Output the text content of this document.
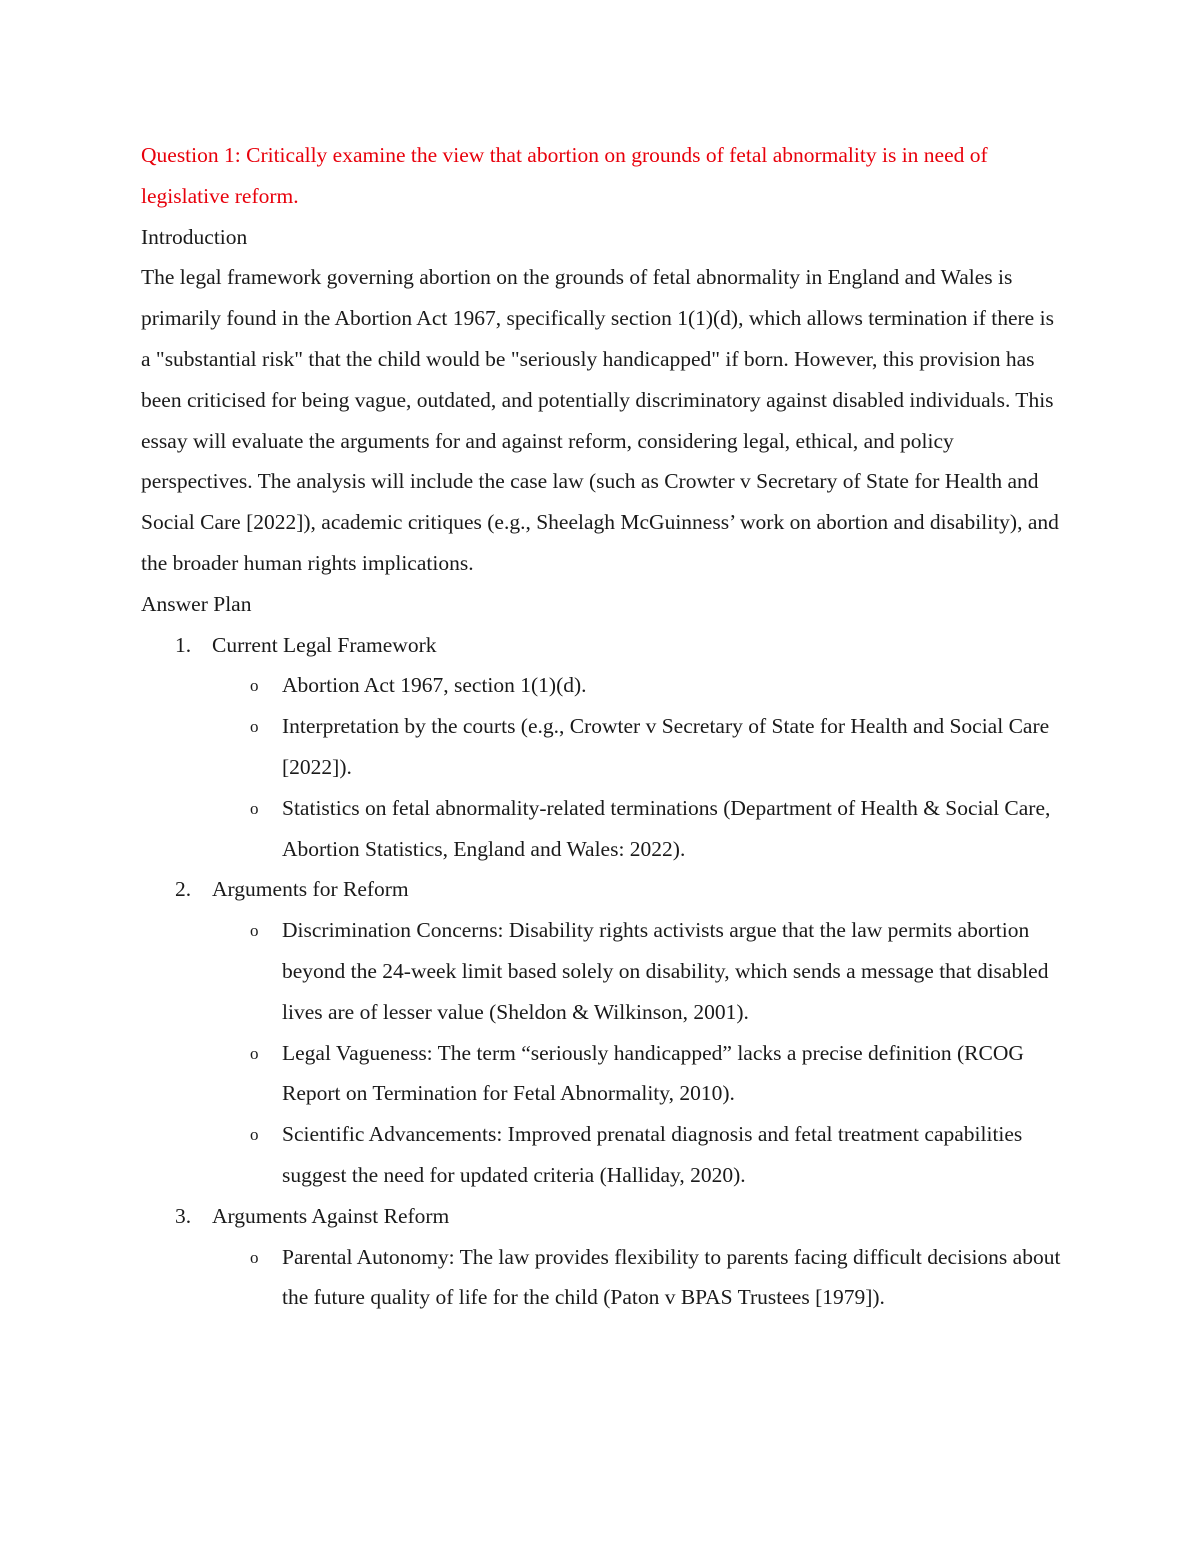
Question 1: Critically examine the view that abortion on grounds of fetal abnormality is in need of legislative reform.

Introduction

The legal framework governing abortion on the grounds of fetal abnormality in England and Wales is primarily found in the Abortion Act 1967, specifically section 1(1)(d), which allows termination if there is a "substantial risk" that the child would be "seriously handicapped" if born. However, this provision has been criticised for being vague, outdated, and potentially discriminatory against disabled individuals. This essay will evaluate the arguments for and against reform, considering legal, ethical, and policy perspectives. The analysis will include the case law (such as Crowter v Secretary of State for Health and Social Care [2022]), academic critiques (e.g., Sheelagh McGuinness’ work on abortion and disability), and the broader human rights implications.

Answer Plan

1. Current Legal Framework
o Abortion Act 1967, section 1(1)(d).
o Interpretation by the courts (e.g., Crowter v Secretary of State for Health and Social Care [2022]).
o Statistics on fetal abnormality-related terminations (Department of Health & Social Care, Abortion Statistics, England and Wales: 2022).
2. Arguments for Reform
o Discrimination Concerns: Disability rights activists argue that the law permits abortion beyond the 24-week limit based solely on disability, which sends a message that disabled lives are of lesser value (Sheldon & Wilkinson, 2001).
o Legal Vagueness: The term “seriously handicapped” lacks a precise definition (RCOG Report on Termination for Fetal Abnormality, 2010).
o Scientific Advancements: Improved prenatal diagnosis and fetal treatment capabilities suggest the need for updated criteria (Halliday, 2020).
3. Arguments Against Reform
o Parental Autonomy: The law provides flexibility to parents facing difficult decisions about the future quality of life for the child (Paton v BPAS Trustees [1979]).
